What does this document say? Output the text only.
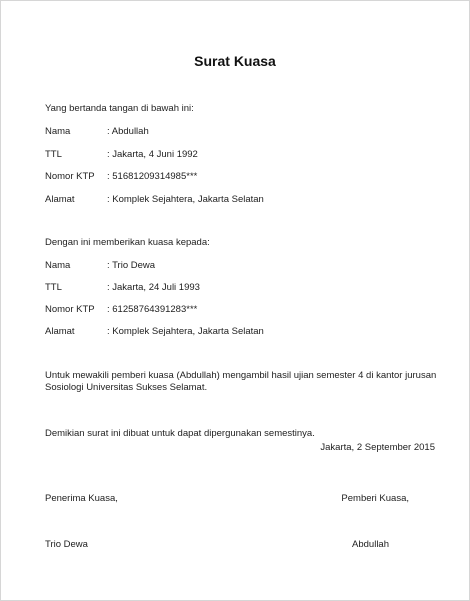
Surat Kuasa
Yang bertanda tangan di bawah ini:
Nama	: Abdullah
TTL	: Jakarta, 4 Juni 1992
Nomor KTP : 51681209314985***
Alamat	: Komplek Sejahtera, Jakarta Selatan
Dengan ini memberikan kuasa kepada:
Nama	: Trio Dewa
TTL	: Jakarta, 24 Juli 1993
Nomor KTP : 61258764391283***
Alamat	: Komplek Sejahtera, Jakarta Selatan
Untuk mewakili pemberi kuasa (Abdullah) mengambil hasil ujian semester 4 di kantor jurusan Sosiologi Universitas Sukses Selamat.
Demikian surat ini dibuat untuk dapat dipergunakan semestinya.
Jakarta, 2 September 2015
Penerima Kuasa,	Pemberi Kuasa,
Trio Dewa	Abdullah
